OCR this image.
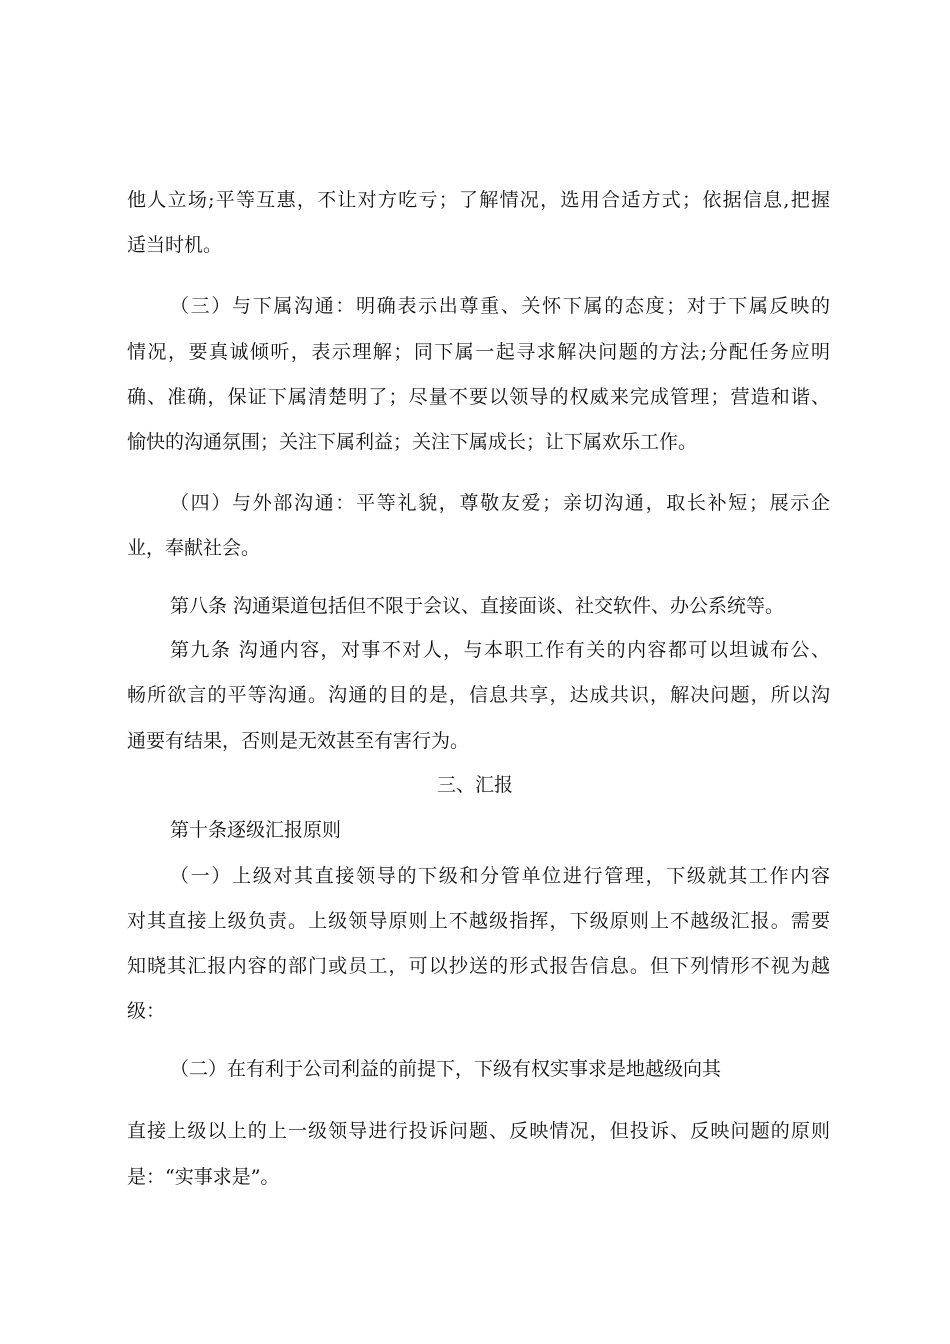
他人立场;平等互惠，不让对方吃亏；了解情况，选用合适方式；依据信息,把握
适当时机。
（三）与下属沟通：明确表示出尊重、关怀下属的态度；对于下属反映的
情况，要真诚倾听，表示理解；同下属一起寻求解决问题的方法;分配任务应明
确、准确，保证下属清楚明了；尽量不要以领导的权威来完成管理；营造和谐、
愉快的沟通氛围；关注下属利益；关注下属成长；让下属欢乐工作。
（四）与外部沟通：平等礼貌，尊敬友爱；亲切沟通，取长补短；展示企
业，奉献社会。
第八条 沟通渠道包括但不限于会议、直接面谈、社交软件、办公系统等。
第九条 沟通内容，对事不对人，与本职工作有关的内容都可以坦诚布公、
畅所欲言的平等沟通。沟通的目的是，信息共享，达成共识，解决问题，所以沟
通要有结果，否则是无效甚至有害行为。
三、汇报
第十条逐级汇报原则
（一）上级对其直接领导的下级和分管单位进行管理，下级就其工作内容
对其直接上级负责。上级领导原则上不越级指挥，下级原则上不越级汇报。需要
知晓其汇报内容的部门或员工，可以抄送的形式报告信息。但下列情形不视为越
级：
（二）在有利于公司利益的前提下，下级有权实事求是地越级向其
直接上级以上的上一级领导进行投诉问题、反映情况，但投诉、反映问题的原则
是：“实事求是”。
